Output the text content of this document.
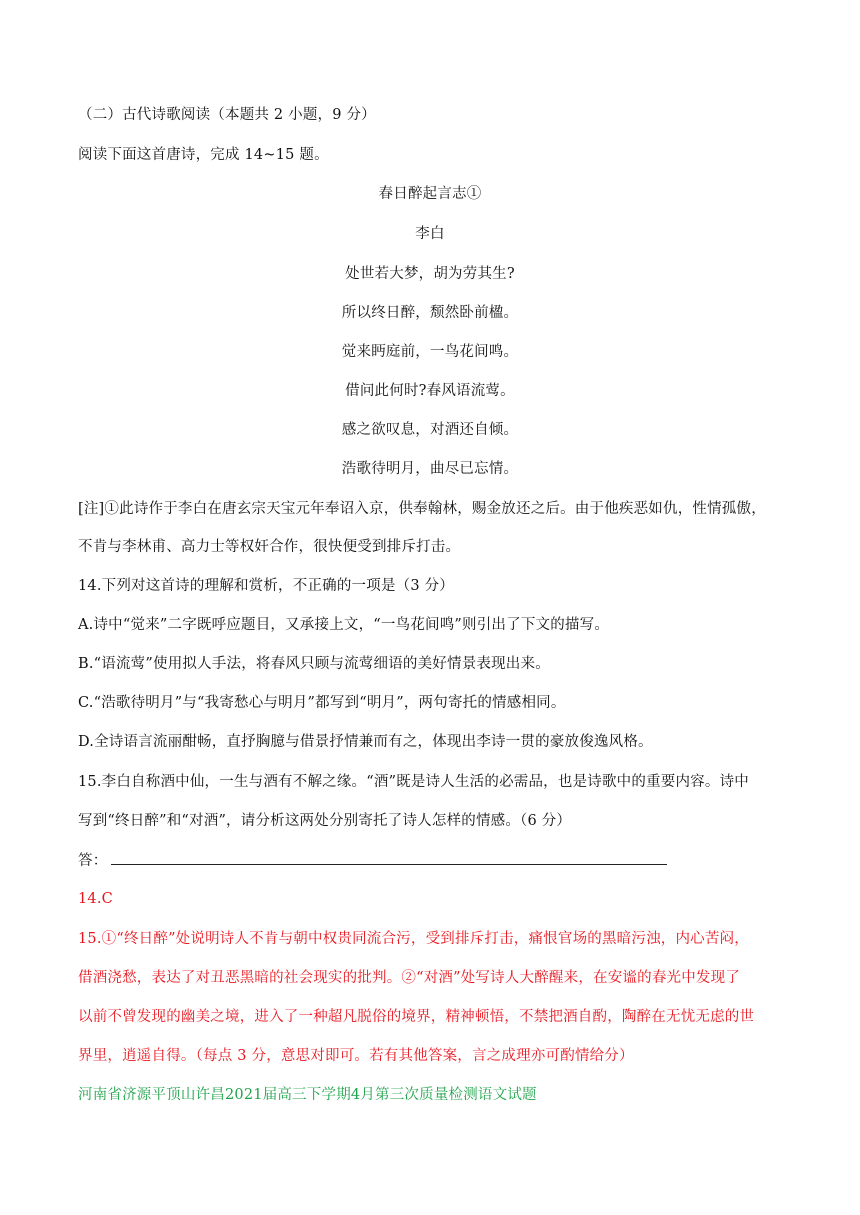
（二）古代诗歌阅读（本题共 2 小题，9 分）
阅读下面这首唐诗，完成 14~15 题。
春日醉起言志①
李白
处世若大梦，胡为劳其生?
所以终日醉，颓然卧前楹。
觉来眄庭前，一鸟花间鸣。
借问此何时?春风语流莺。
感之欲叹息，对酒还自倾。
浩歌待明月，曲尽已忘情。
[注]①此诗作于李白在唐玄宗天宝元年奉诏入京，供奉翰林，赐金放还之后。由于他疾恶如仇，性情孤傲，
不肯与李林甫、高力士等权奸合作，很快便受到排斥打击。
14.下列对这首诗的理解和赏析，不正确的一项是（3 分）
A.诗中“觉来”二字既呼应题目，又承接上文，“一鸟花间鸣”则引出了下文的描写。
B.“语流莺”使用拟人手法，将春风只顾与流莺细语的美好情景表现出来。
C.“浩歌待明月”与“我寄愁心与明月”都写到“明月”，两句寄托的情感相同。
D.全诗语言流丽酣畅，直抒胸臆与借景抒情兼而有之，体现出李诗一贯的豪放俊逸风格。
15.李白自称酒中仙，一生与酒有不解之缘。“酒”既是诗人生活的必需品，也是诗歌中的重要内容。诗中
写到“终日醉”和“对酒”，请分析这两处分别寄托了诗人怎样的情感。（6 分）
答：
14.C
15.①“终日醉”处说明诗人不肯与朝中权贵同流合污，受到排斥打击，痛恨官场的黑暗污浊，内心苦闷，
借酒浇愁，表达了对丑恶黑暗的社会现实的批判。②“对酒”处写诗人大醉醒来，在安谧的春光中发现了
以前不曾发现的幽美之境，进入了一种超凡脱俗的境界，精神顿悟，不禁把酒自酌，陶醉在无忧无虑的世
界里，逍遥自得。（每点 3 分，意思对即可。若有其他答案，言之成理亦可酌情给分）
河南省济源平顶山许昌2021届高三下学期4月第三次质量检测语文试题
